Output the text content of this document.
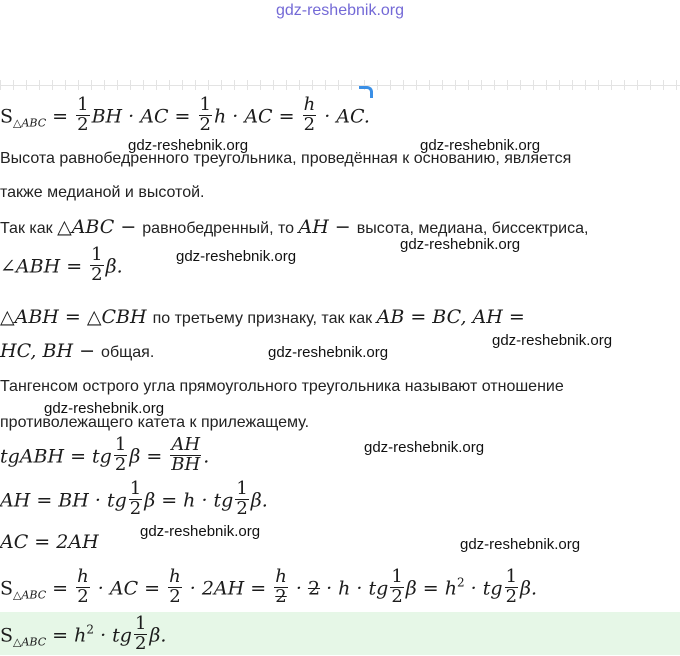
gdz-reshebnik.org
$S_{\triangle ABC} = \frac{1}{2}$ BH · AC = $\frac{1}{2}$ h · AC = $\frac{h}{2}$ · AC.
Высота равнобедренного треугольника, проведённая к основанию, является
также медианой и высотой.
Так как △ABC − равнобедренный, то AH − высота, медиана, биссектриса,
∠ABH = $\frac{1}{2} \beta$.
△ABH = △CBH по третьему признаку, так как AB = BC, AH =
HC, BH − общая.
Тангенсом острого угла прямоугольного треугольника называют отношение
противолежащего катета к прилежащему.
tgABH = tg $\frac{1}{2}$ $\beta = \frac{AH}{BH}$ .
AH = BH · tg $\frac{1}{2}$ β = h · tg $\frac{1}{2} \beta$.
AC = 2AH
$S_{\triangle ABC} = \frac{h}{2}$ · AC = $\frac{h}{2} \cdot 2AH = \frac{h}{2} \cdot 2 \cdot h$ · tg $\frac{1}{2}$ $\beta = h^2$ · tg $\frac{1}{2} \beta$.
$S_{\triangle ABC} = h^2$ · tg $\frac{1}{2} \beta$.
gdz-reshebnik.org	gdz-reshebnik.org
gdz-reshebnik.org
gdz-reshebnik.org
gdz-reshebnik.org
gdz-reshebnik.org
gdz-reshebnik.org
gdz-reshebnik.org
gdz-reshebnik.org
gdz-reshebnik.org
